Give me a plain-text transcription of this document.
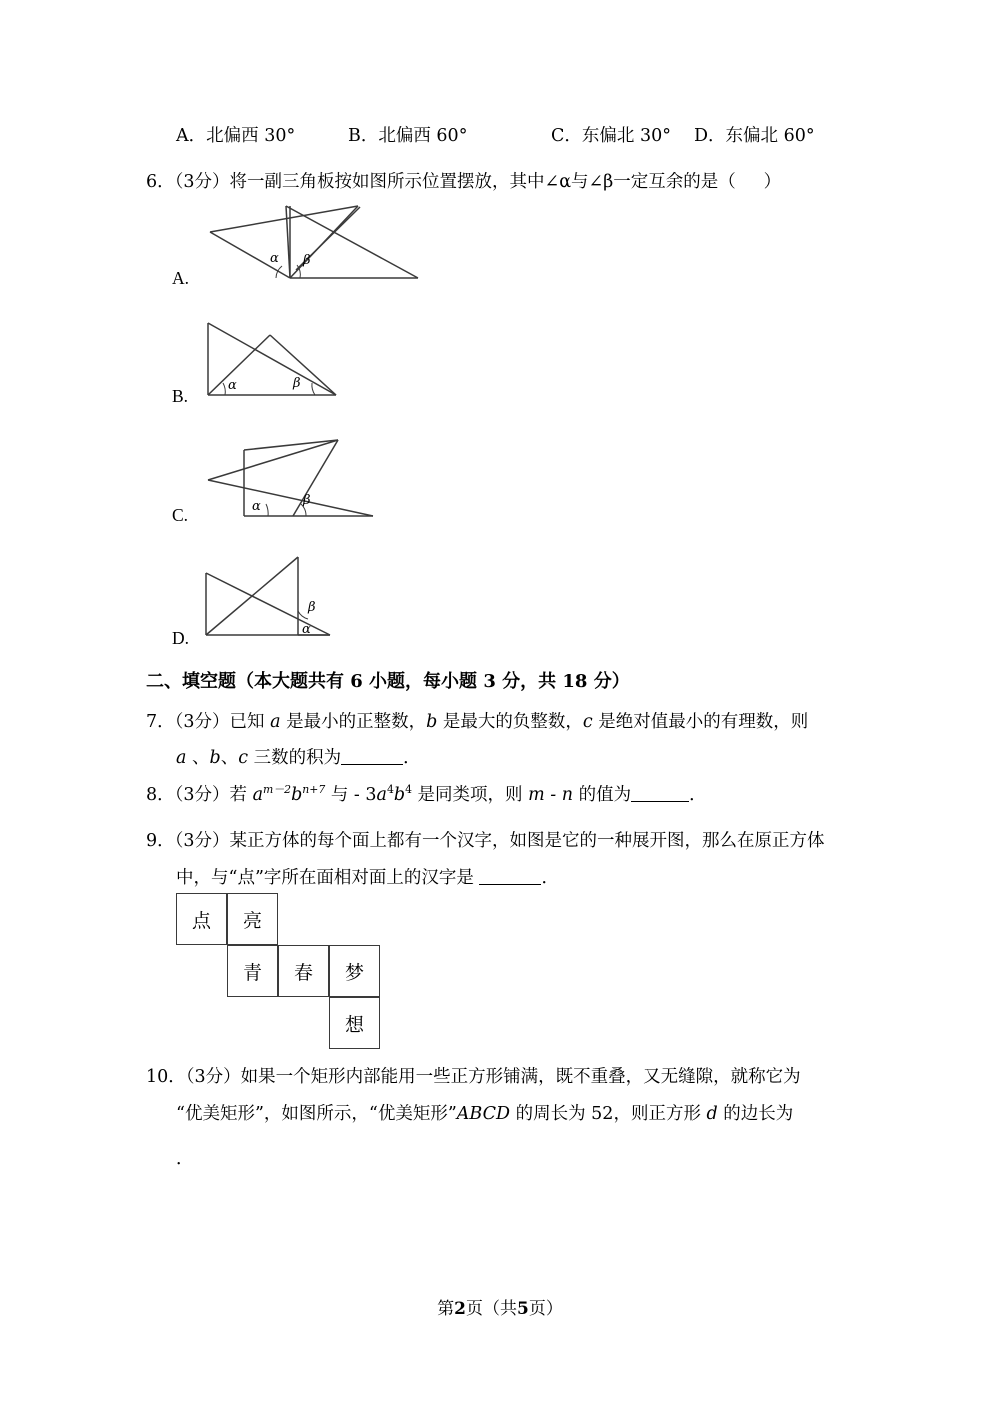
A．北偏西 30°	B．北偏西 60°	C．东偏北 30° D．东偏北 60°
6．（3分）将一副三角板按如图所示位置摆放，其中∠α与∠β一定互余的是（     ）
A.
α β
B.
α	β
C.	α	β
D.
β
α
二、填空题（本大题共有 6 小题，每小题 3 分，共 18 分）
7．（3分）已知 a 是最小的正整数，b 是最大的负整数，c 是绝对值最小的有理数，则
a 、b、c 三数的积为	．
8．（3分）若 $a^{m-2}b^{n+7}$ 与 - $3a^4b^4$ 是同类项，则 m - n 的值为	．
9．（3分）某正方体的每个面上都有一个汉字，如图是它的一种展开图，那么在原正方体
中，与“点”字所在面相对面上的汉字是	．
点	亮
青	春	梦
想
10．（3分）如果一个矩形内部能用一些正方形铺满，既不重叠，又无缝隙，就称它为
“优美矩形”，如图所示，“优美矩形”ABCD 的周长为 52，则正方形 d 的边长为
．
第2页（共5页）
